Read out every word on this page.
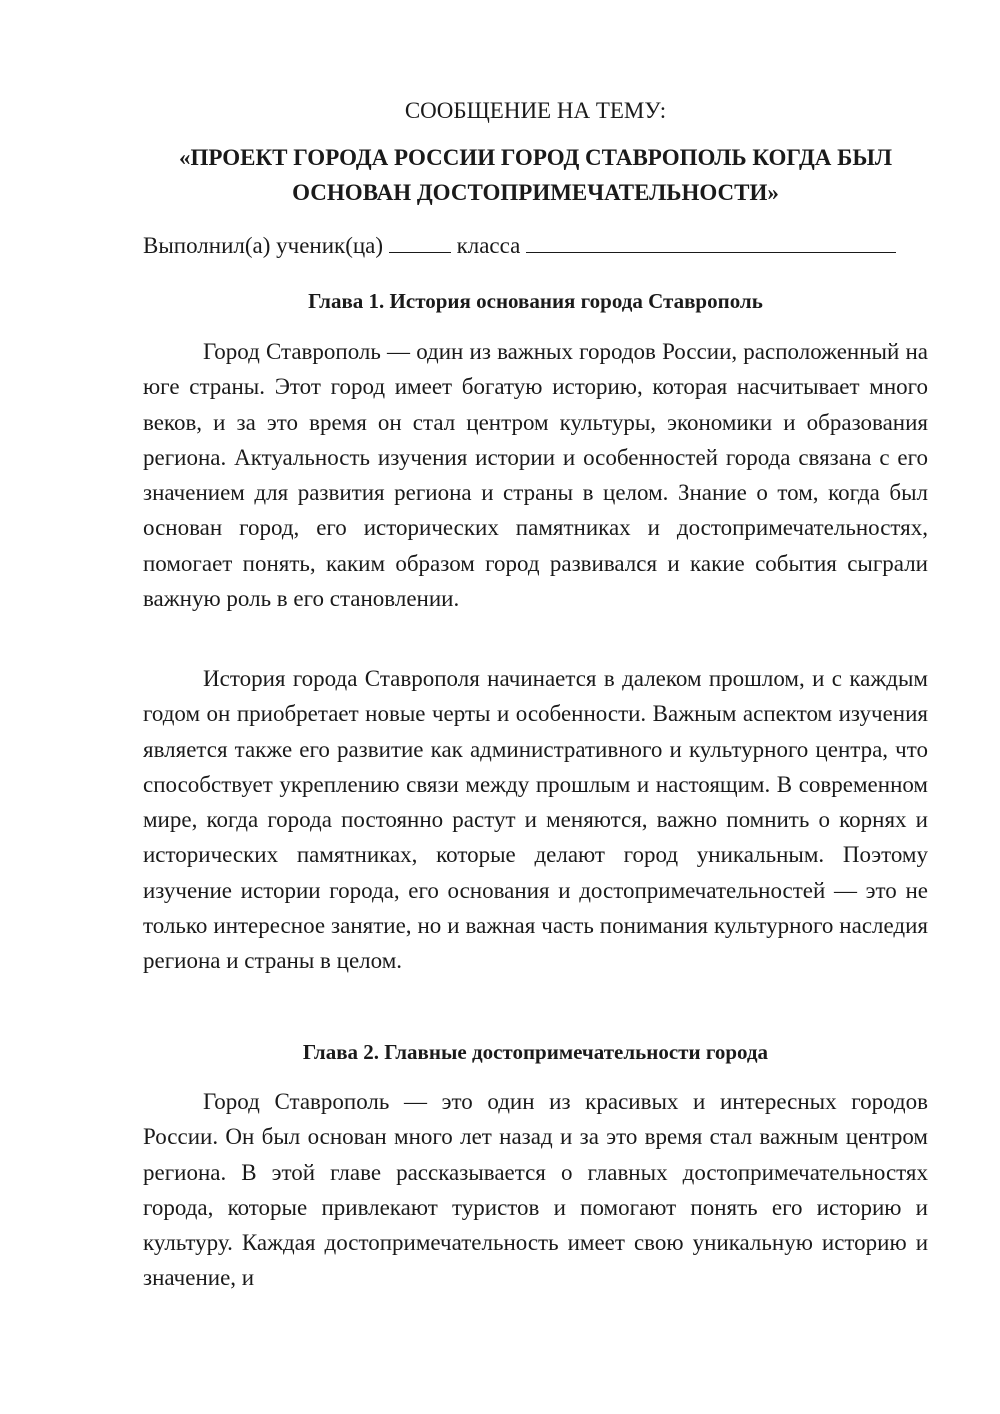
СООБЩЕНИЕ НА ТЕМУ:

«ПРОЕКТ ГОРОДА РОССИИ ГОРОД СТАВРОПОЛЬ КОГДА БЫЛ ОСНОВАН ДОСТОПРИМЕЧАТЕЛЬНОСТИ»
Выполнил(а) ученик(ца)	класса
Глава 1. История основания города Ставрополь

Город Ставрополь — один из важных городов России, расположенный на юге страны. Этот город имеет богатую историю, которая насчитывает много веков, и за это время он стал центром культуры, экономики и образования региона. Актуальность изучения истории и особенностей города связана с его значением для развития региона и страны в целом. Знание о том, когда был основан город, его исторических памятниках и достопримечательностях, помогает понять, каким образом город развивался и какие события сыграли важную роль в его становлении.

История города Ставрополя начинается в далеком прошлом, и с каждым годом он приобретает новые черты и особенности. Важным аспектом изучения является также его развитие как административного и культурного центра, что способствует укреплению связи между прошлым и настоящим. В современном мире, когда города постоянно растут и меняются, важно помнить о корнях и исторических памятниках, которые делают город уникальным. Поэтому изучение истории города, его основания и достопримечательностей — это не только интересное занятие, но и важная часть понимания культурного наследия региона и страны в целом.

Глава 2. Главные достопримечательности города

Город Ставрополь — это один из красивых и интересных городов России. Он был основан много лет назад и за это время стал важным центром региона. В этой главе рассказывается о главных достопримечательностях города, которые привлекают туристов и помогают понять его историю и культуру. Каждая достопримечательность имеет свою уникальную историю и значение, и
